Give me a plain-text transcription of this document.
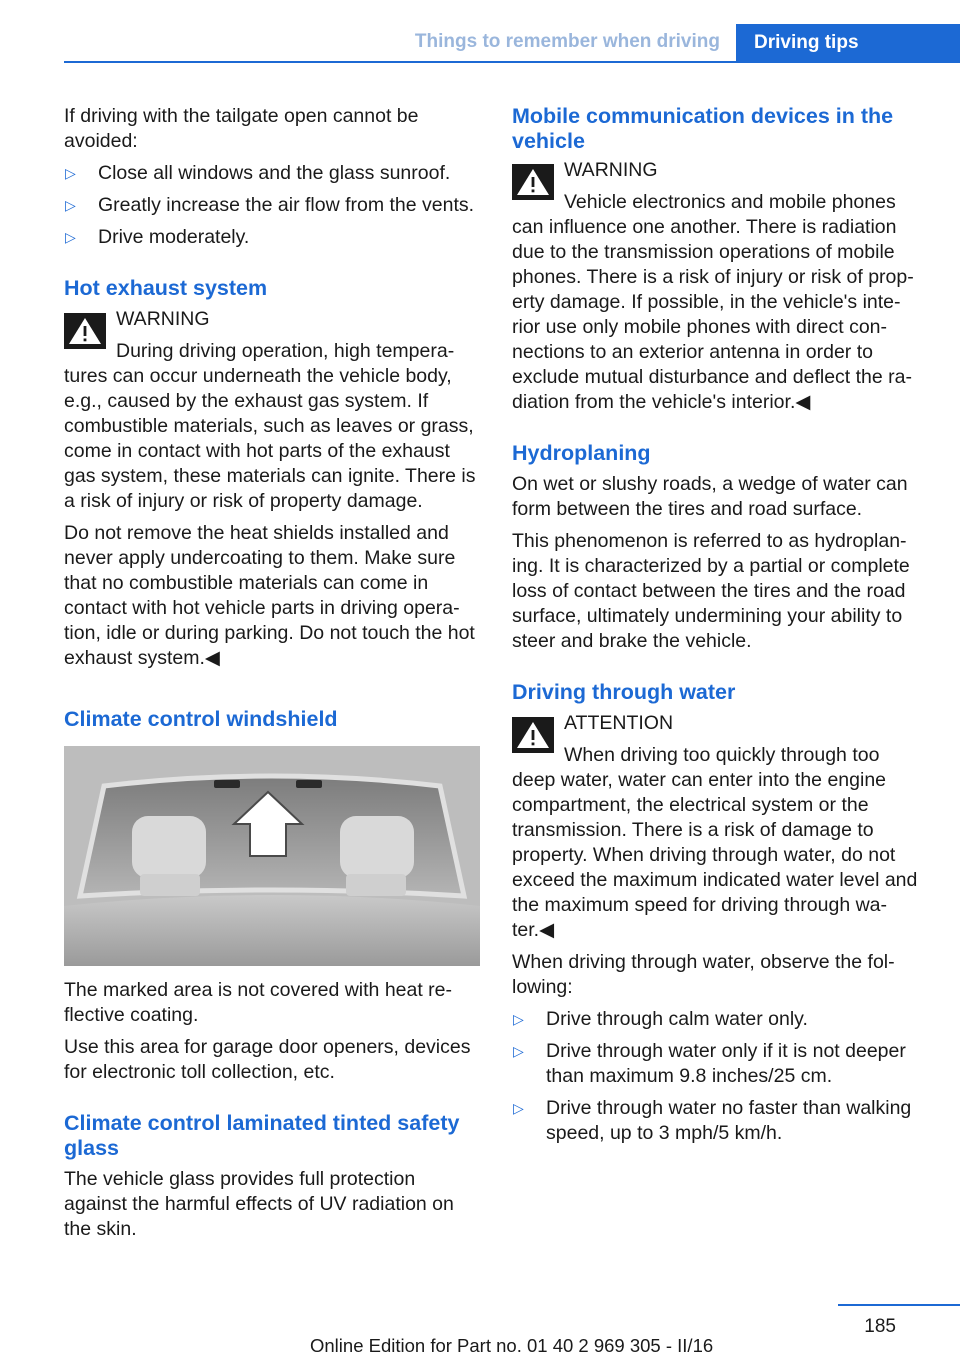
Things to remember when driving Driving tips

If driving with the tailgate open cannot be avoided:

▷ Close all windows and the glass sunroof.
▷ Greatly increase the air flow from the vents.
▷ Drive moderately.
Hot exhaust system
WARNING
During driving operation, high tempera‐tures can occur underneath the vehicle body, e.g., caused by the exhaust gas system. If combustible materials, such as leaves or grass, come in contact with hot parts of the exhaust gas system, these materials can ignite. There is a risk of injury or risk of property damage.

Do not remove the heat shields installed and never apply undercoating to them. Make sure that no combustible materials can come in contact with hot vehicle parts in driving opera‐tion, idle or during parking. Do not touch the hot exhaust system.◀

Climate control windshield

The marked area is not covered with heat re‐flective coating.

Use this area for garage door openers, devices for electronic toll collection, etc.

Climate control laminated tinted safety glass

The vehicle glass provides full protection against the harmful effects of UV radiation on the skin.

Mobile communication devices in the vehicle
WARNING
Vehicle electronics and mobile phones can influence one another. There is radiation due to the transmission operations of mobile phones. There is a risk of injury or risk of prop‐erty damage. If possible, in the vehicle's inte‐rior use only mobile phones with direct con‐nections to an exterior antenna in order to exclude mutual disturbance and deflect the ra‐diation from the vehicle's interior.◀
Hydroplaning

On wet or slushy roads, a wedge of water can form between the tires and road surface.

This phenomenon is referred to as hydroplan‐ing. It is characterized by a partial or complete loss of contact between the tires and the road surface, ultimately undermining your ability to steer and brake the vehicle.

Driving through water
ATTENTION
When driving too quickly through too deep water, water can enter into the engine compartment, the electrical system or the transmission. There is a risk of damage to property. When driving through water, do not exceed the maximum indicated water level and the maximum speed for driving through wa‐ter.◀

When driving through water, observe the fol‐lowing:

▷ Drive through calm water only.
▷ Drive through water only if it is not deeper than maximum 9.8 inches/25 cm.
▷ Drive through water no faster than walking speed, up to 3 mph/5 km/h.
185
Online Edition for Part no. 01 40 2 969 305 - II/16
